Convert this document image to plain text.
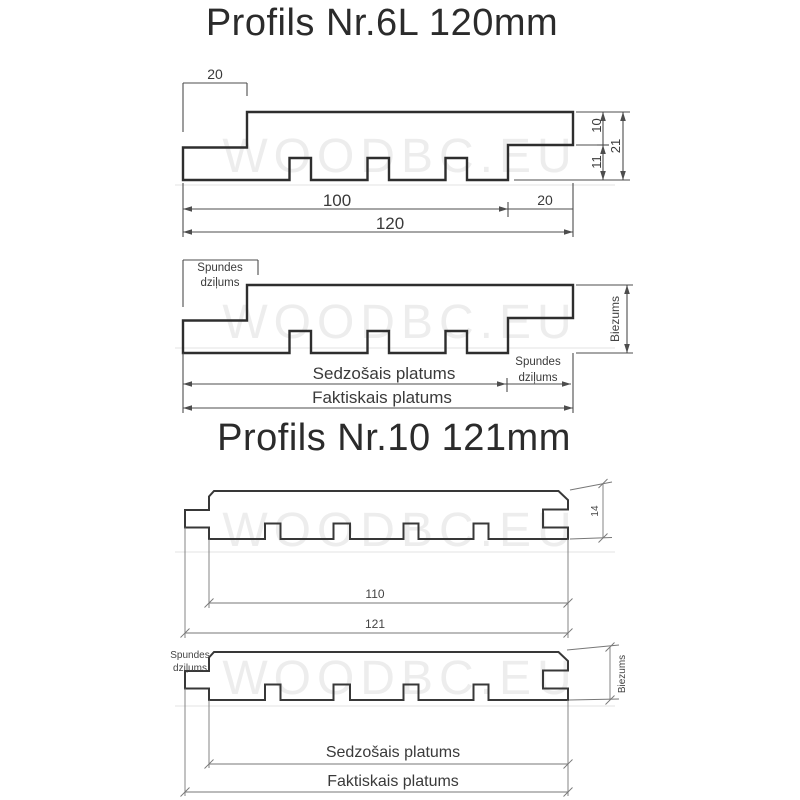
Profils Nr.6L 120mm
Profils Nr.10 121mm
WOODBC.EU
20
10
11
21
100	20
120
WOODBC.EU
Spundes
dziļums
Biezums
Sedzošais platums
Spundes
dziļums
Faktiskais platums
WOODBC.EU 14
110
121
WOODBC.EU
Spundes
dziļums	Biezums
Sedzošais platums
Faktiskais platums
